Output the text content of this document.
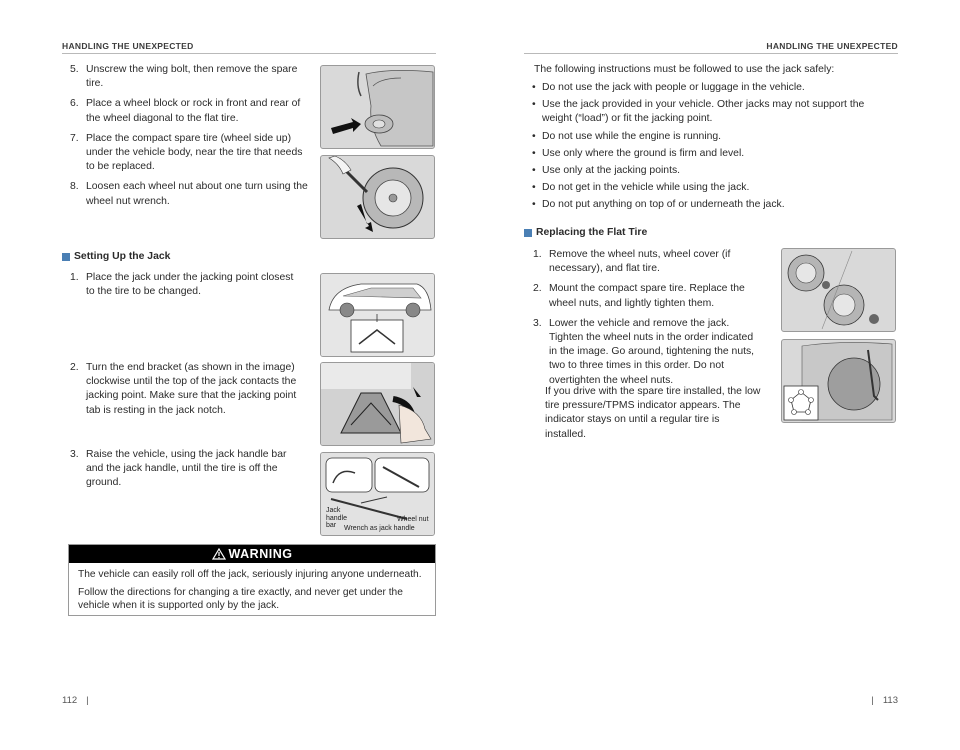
HANDLING THE UNEXPECTED
5. Unscrew the wing bolt, then remove the spare tire.
6. Place a wheel block or rock in front and rear of the wheel diagonal to the flat tire.
7. Place the compact spare tire (wheel side up) under the vehicle body, near the tire that needs to be replaced.
8. Loosen each wheel nut about one turn using the wheel nut wrench.
Setting Up the Jack
1. Place the jack under the jacking point closest to the tire to be changed.
2. Turn the end bracket (as shown in the image) clockwise until the top of the jack contacts the jacking point. Make sure that the jacking point tab is resting in the jack notch.
3. Raise the vehicle, using the jack handle bar and the jack handle, until the tire is off the ground.
Jack handle bar
Wheel nut
Wrench as jack handle
WARNING

The vehicle can easily roll off the jack, seriously injuring anyone underneath.

Follow the directions for changing a tire exactly, and never get under the vehicle when it is supported only by the jack.

112 |
HANDLING THE UNEXPECTED

The following instructions must be followed to use the jack safely:

• Do not use the jack with people or luggage in the vehicle.
• Use the jack provided in your vehicle. Other jacks may not support the weight (“load”) or fit the jacking point.
• Do not use while the engine is running.
• Use only where the ground is firm and level.
• Use only at the jacking points.
• Do not get in the vehicle while using the jack.
• Do not put anything on top of or underneath the jack.
Replacing the Flat Tire
1. Remove the wheel nuts, wheel cover (if necessary), and flat tire.
2. Mount the compact spare tire. Replace the wheel nuts, and lightly tighten them.
3. Lower the vehicle and remove the jack. Tighten the wheel nuts in the order indicated in the image. Go around, tightening the nuts, two to three times in this order. Do not overtighten the wheel nuts.

If you drive with the spare tire installed, the low tire pressure/TPMS indicator appears. The indicator stays on until a regular tire is installed.

| 113
